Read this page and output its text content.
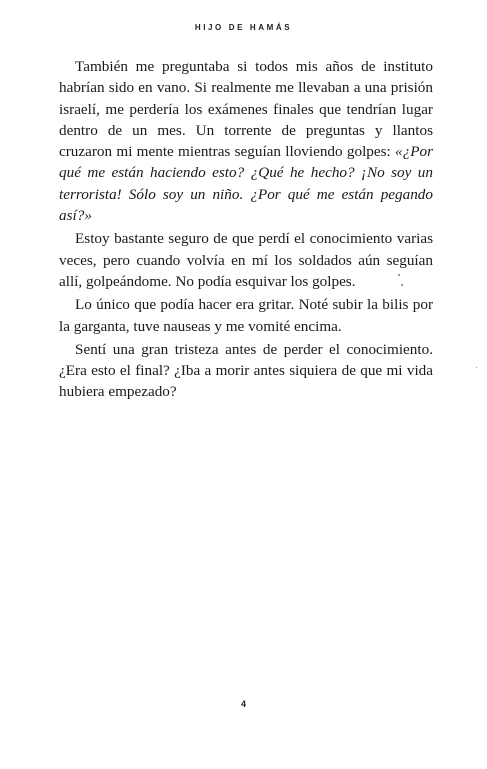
HIJO DE HAMÁS

También me preguntaba si todos mis años de instituto habrían sido en vano. Si realmente me llevaban a una prisión israelí, me perdería los exámenes finales que tendrían lugar dentro de un mes. Un torrente de preguntas y llantos cruzaron mi mente mientras seguían lloviendo golpes: «¿Por qué me están haciendo esto? ¿Qué he hecho? ¡No soy un terrorista! Sólo soy un niño. ¿Por qué me están pegando así?»

Estoy bastante seguro de que perdí el conocimiento varias veces, pero cuando volvía en mí los soldados aún seguían allí, golpeándome. No podía esquivar los golpes.

Lo único que podía hacer era gritar. Noté subir la bilis por la garganta, tuve nauseas y me vomité encima.

Sentí una gran tristeza antes de perder el conocimiento. ¿Era esto el final? ¿Iba a morir antes siquiera de que mi vida hubiera empezado?

4
